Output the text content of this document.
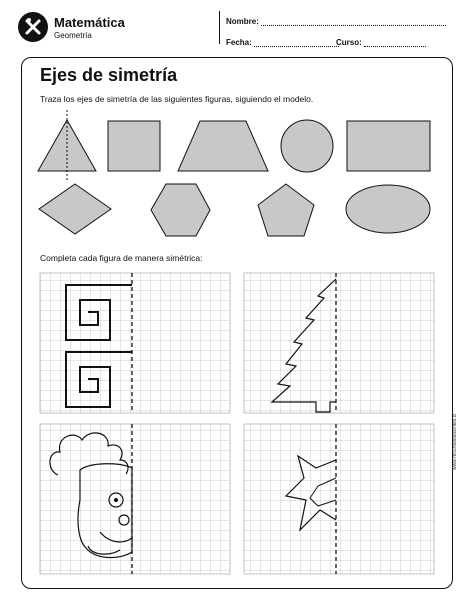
Matemática
Geometría
Nombre:
Fecha:	Curso:
Ejes de simetría
Traza los ejes de simetría de las siguientes figuras, siguiendo el modelo.
Completa cada figura de manera simétrica:
www.recursosdocentes.cl
